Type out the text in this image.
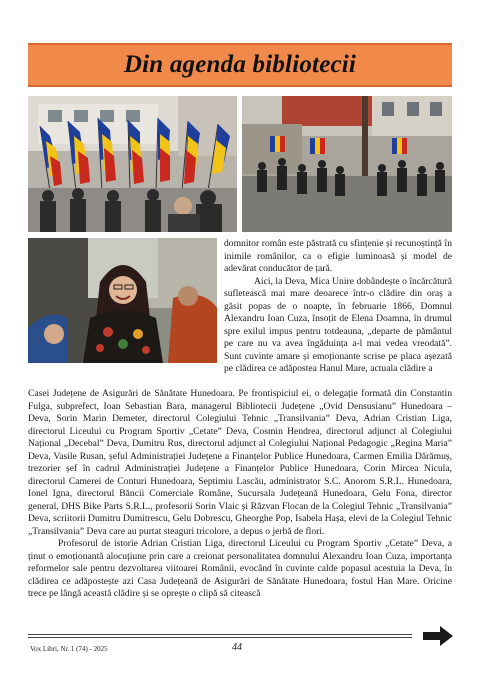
Din agenda bibliotecii

domnitor român este păstrată cu sfințenie și recunoștință în inimile românilor, ca o efigie luminoasă și model de adevărat conducător de țară.

Aici, la Deva, Mica Unire dobândește o încărcătură sufletească mai mare deoarece într-o clădire din oraș a găsit popas de o noapte, în februarie 1866, Domnul Alexandru Ioan Cuza, însoțit de Elena Doamna, în drumul spre exilul impus pentru totdeauna, „departe de pământul pe care nu va avea îngăduința a-l mai vedea vreodată”. Sunt cuvinte amare și emoționante scrise pe placa așezată pe clădirea ce adăpostea Hanul Mare, actuala clădire a

Casei Județene de Asigurări de Sănătate Hunedoara. Pe frontispiciul ei, o delegație formată din Constantin Fulga, subprefect, Ioan Sebastian Bara, managerul Bibliotecii Județene „Ovid Densusianu” Hunedoara – Deva, Sorin Marin Demeter, directorul Colegiului Tehnic „Transilvania” Deva, Adrian Cristian Liga, directorul Liceului cu Program Sportiv „Cetate” Deva, Cosmin Hendrea, directorul adjunct al Colegiului Național „Decebal” Deva, Dumitru Rus, directorul adjunct al Colegiului Național Pedagogic „Regina Maria” Deva, Vasile Rusan, șeful Administrației Județene a Finanțelor Publice Hunedoara, Carmen Emilia Dărămuș, trezorier șef în cadrul Administrației Județene a Finanțelor Publice Hunedoara, Corin Mircea Nicula, directorul Camerei de Conturi Hunedoara, Septimiu Lascău, administrator S.C. Anorom S.R.L. Hunedoara, Ionel Igna, directorul Băncii Comerciale Române, Sucursala Județeană Hunedoara, Gelu Fona, director general, DHS Bike Parts S.R.L., profesorii Sorin Vlaic și Răzvan Flocan de la Colegiul Tehnic „Transilvania” Deva, scriitorii Dumitru Dumitrescu, Gelu Dobrescu, Gheorghe Pop, Isabela Hașa, elevi de la Colegiul Tehnic „Transilvania” Deva care au purtat steaguri tricolore, a depus o jerbă de flori.

Profesorul de istorie Adrian Cristian Liga, directorul Liceului cu Program Sportiv „Cetate” Deva, a ținut o emoționantă alocuțiune prin care a creionat personalitatea domnului Alexandru Ioan Cuza, importanța reformelor sale pentru dezvoltarea viitoarei Românii, evocând în cuvinte calde popasul acestuia la Deva, în clădirea ce adăpostește azi Casa Județeană de Asigurări de Sănătate Hunedoara, fostul Han Mare. Oricine trece pe lângă această clădire și se oprește o clipă să citească

Vox Libri, Nr. 1 (74) - 2025	44
